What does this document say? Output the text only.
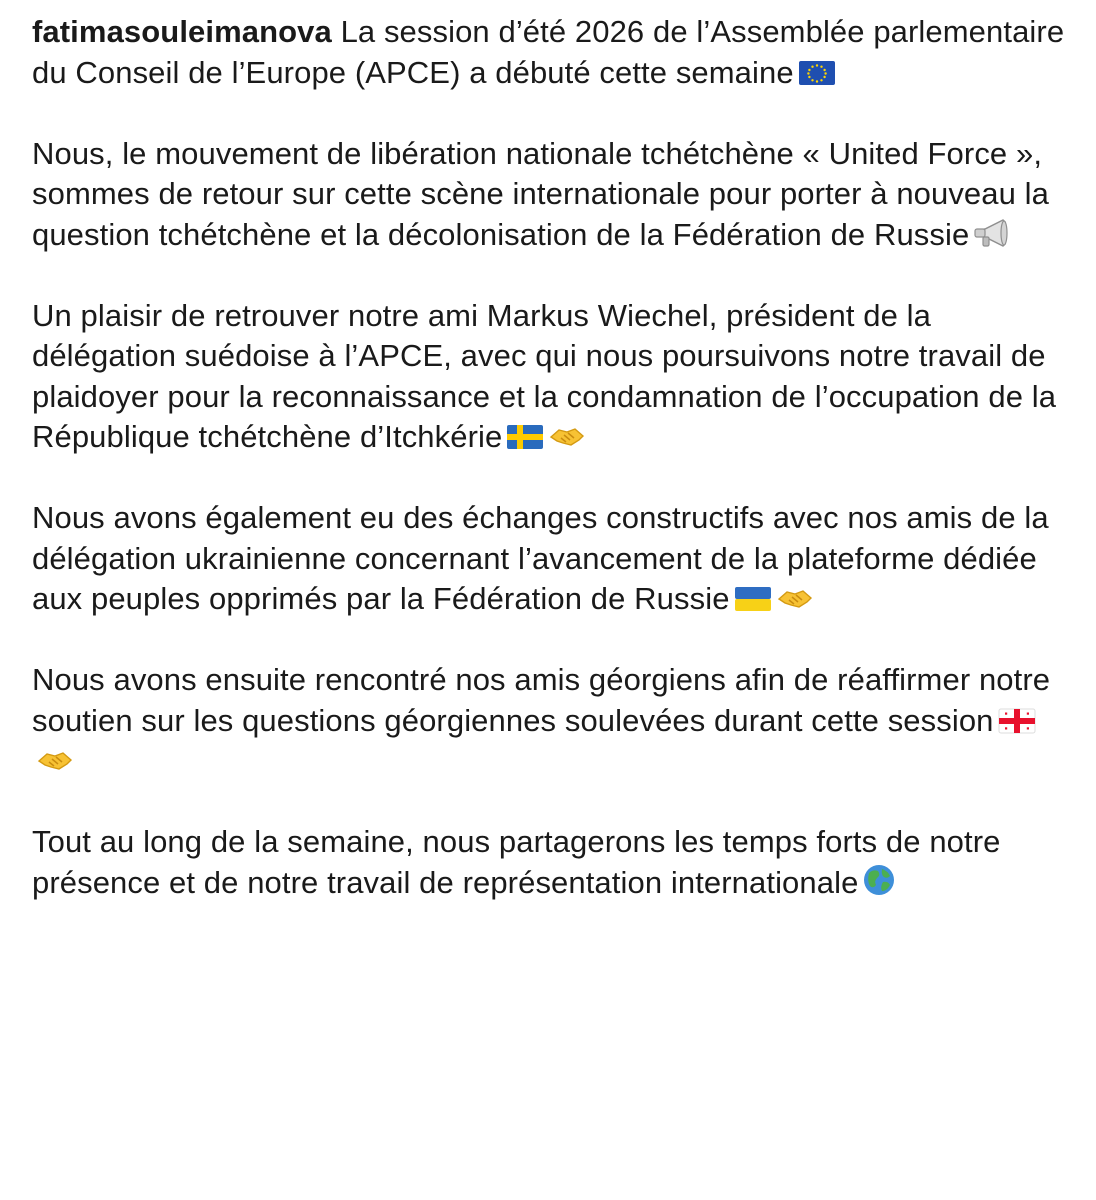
fatimasouleimanova La session d’été 2026 de l’Assemblée parlementaire du Conseil de l’Europe (APCE) a débuté cette semaine
Nous, le mouvement de libération nationale tchétchène « United Force », sommes de retour sur cette scène internationale pour porter à nouveau la question tchétchène et la décolonisation de la Fédération de Russie
Un plaisir de retrouver notre ami Markus Wiechel, président de la délégation suédoise à l’APCE, avec qui nous poursuivons notre travail de plaidoyer pour la reconnaissance et la condamnation de l’occupation de la République tchétchène d’Itchkérie
Nous avons également eu des échanges constructifs avec nos amis de la délégation ukrainienne concernant l’avancement de la plateforme dédiée aux peuples opprimés par la Fédération de Russie
Nous avons ensuite rencontré nos amis géorgiens afin de réaffirmer notre soutien sur les questions géorgiennes soulevées durant cette session
Tout au long de la semaine, nous partagerons les temps forts de notre présence et de notre travail de représentation internationale
